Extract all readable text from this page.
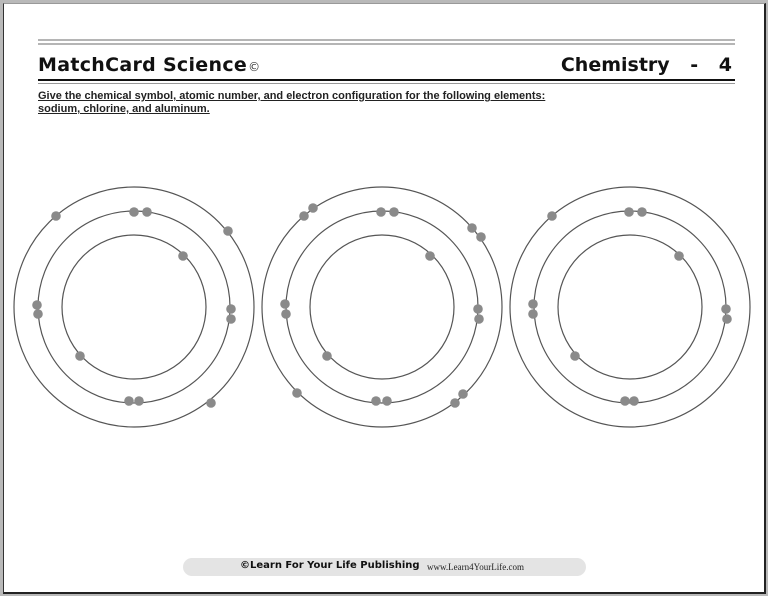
MatchCard Science©	Chemistry - 4
Give the chemical symbol, atomic number, and electron configuration for the following elements:
sodium, chlorine, and aluminum.
©Learn For Your Life Publishing www.Learn4YourLife.com
